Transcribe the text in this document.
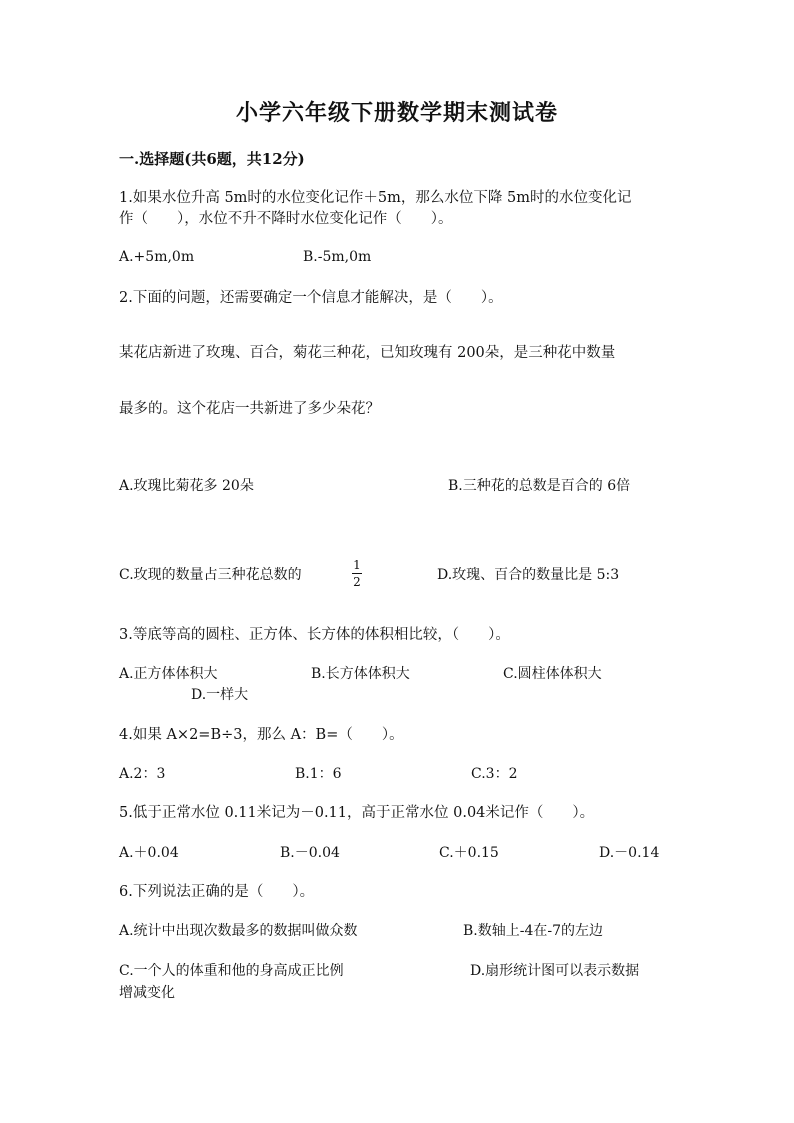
小学六年级下册数学期末测试卷
一.选择题(共6题，共12分)
1.如果水位升高 5m时的水位变化记作＋5m，那么水位下降 5m时的水位变化记
作（　　），水位不升不降时水位变化记作（　　）。
A.+5m,0m	B.-5m,0m
2.下面的问题，还需要确定一个信息才能解决，是（　　）。
某花店新进了玫瑰、百合，菊花三种花，已知玫瑰有 200朵，是三种花中数量
最多的。这个花店一共新进了多少朵花？
A.玫瑰比菊花多 20朵	B.三种花的总数是百合的 6倍
C.玫现的数量占三种花总数的
1
2	D.玫瑰、百合的数量比是 5:3
3.等底等高的圆柱、正方体、长方体的体积相比较，（　　）。
A.正方体体积大	B.长方体体积大	C.圆柱体体积大
D.一样大
4.如果 A×2=B÷3，那么 A：B=（　　）。
A.2：3	B.1：6	C.3：2
5.低于正常水位 0.11米记为－0.11，高于正常水位 0.04米记作（　　）。
A.＋0.04	B.－0.04	C.＋0.15	D.－0.14
6.下列说法正确的是（　　）。
A.统计中出现次数最多的数据叫做众数	B.数轴上-4在-7的左边
C.一个人的体重和他的身高成正比例	D.扇形统计图可以表示数据
增减变化
